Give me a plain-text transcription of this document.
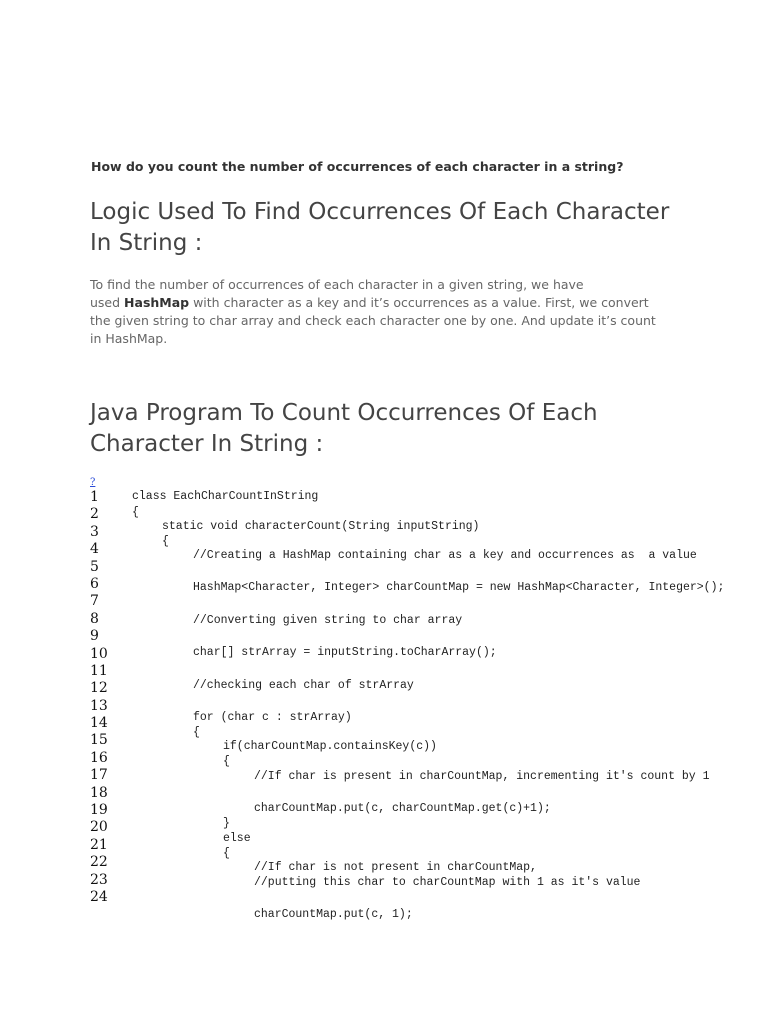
How do you count the number of occurrences of each character in a string?

Logic Used To Find Occurrences Of Each Character In String :

To find the number of occurrences of each character in a given string, we have
used HashMap with character as a key and it’s occurrences as a value. First, we convert
the given string to char array and check each character one by one. And update it’s count
in HashMap.

Java Program To Count Occurrences Of Each Character In String :
?
1
2
3
4
5
6
7
8
9
10
11
12
13
14
15
16
17
18
19
20
21
22
23
24
class EachCharCountInString
{
static void characterCount(String inputString)
{
//Creating a HashMap containing char as a key and occurrences as  a value
HashMap<Character, Integer> charCountMap = new HashMap<Character, Integer>();
//Converting given string to char array
char[] strArray = inputString.toCharArray();
//checking each char of strArray
for (char c : strArray)
{
if(charCountMap.containsKey(c))
{
//If char is present in charCountMap, incrementing it's count by 1
charCountMap.put(c, charCountMap.get(c)+1);
}
else
{
//If char is not present in charCountMap,
//putting this char to charCountMap with 1 as it's value
charCountMap.put(c, 1);
